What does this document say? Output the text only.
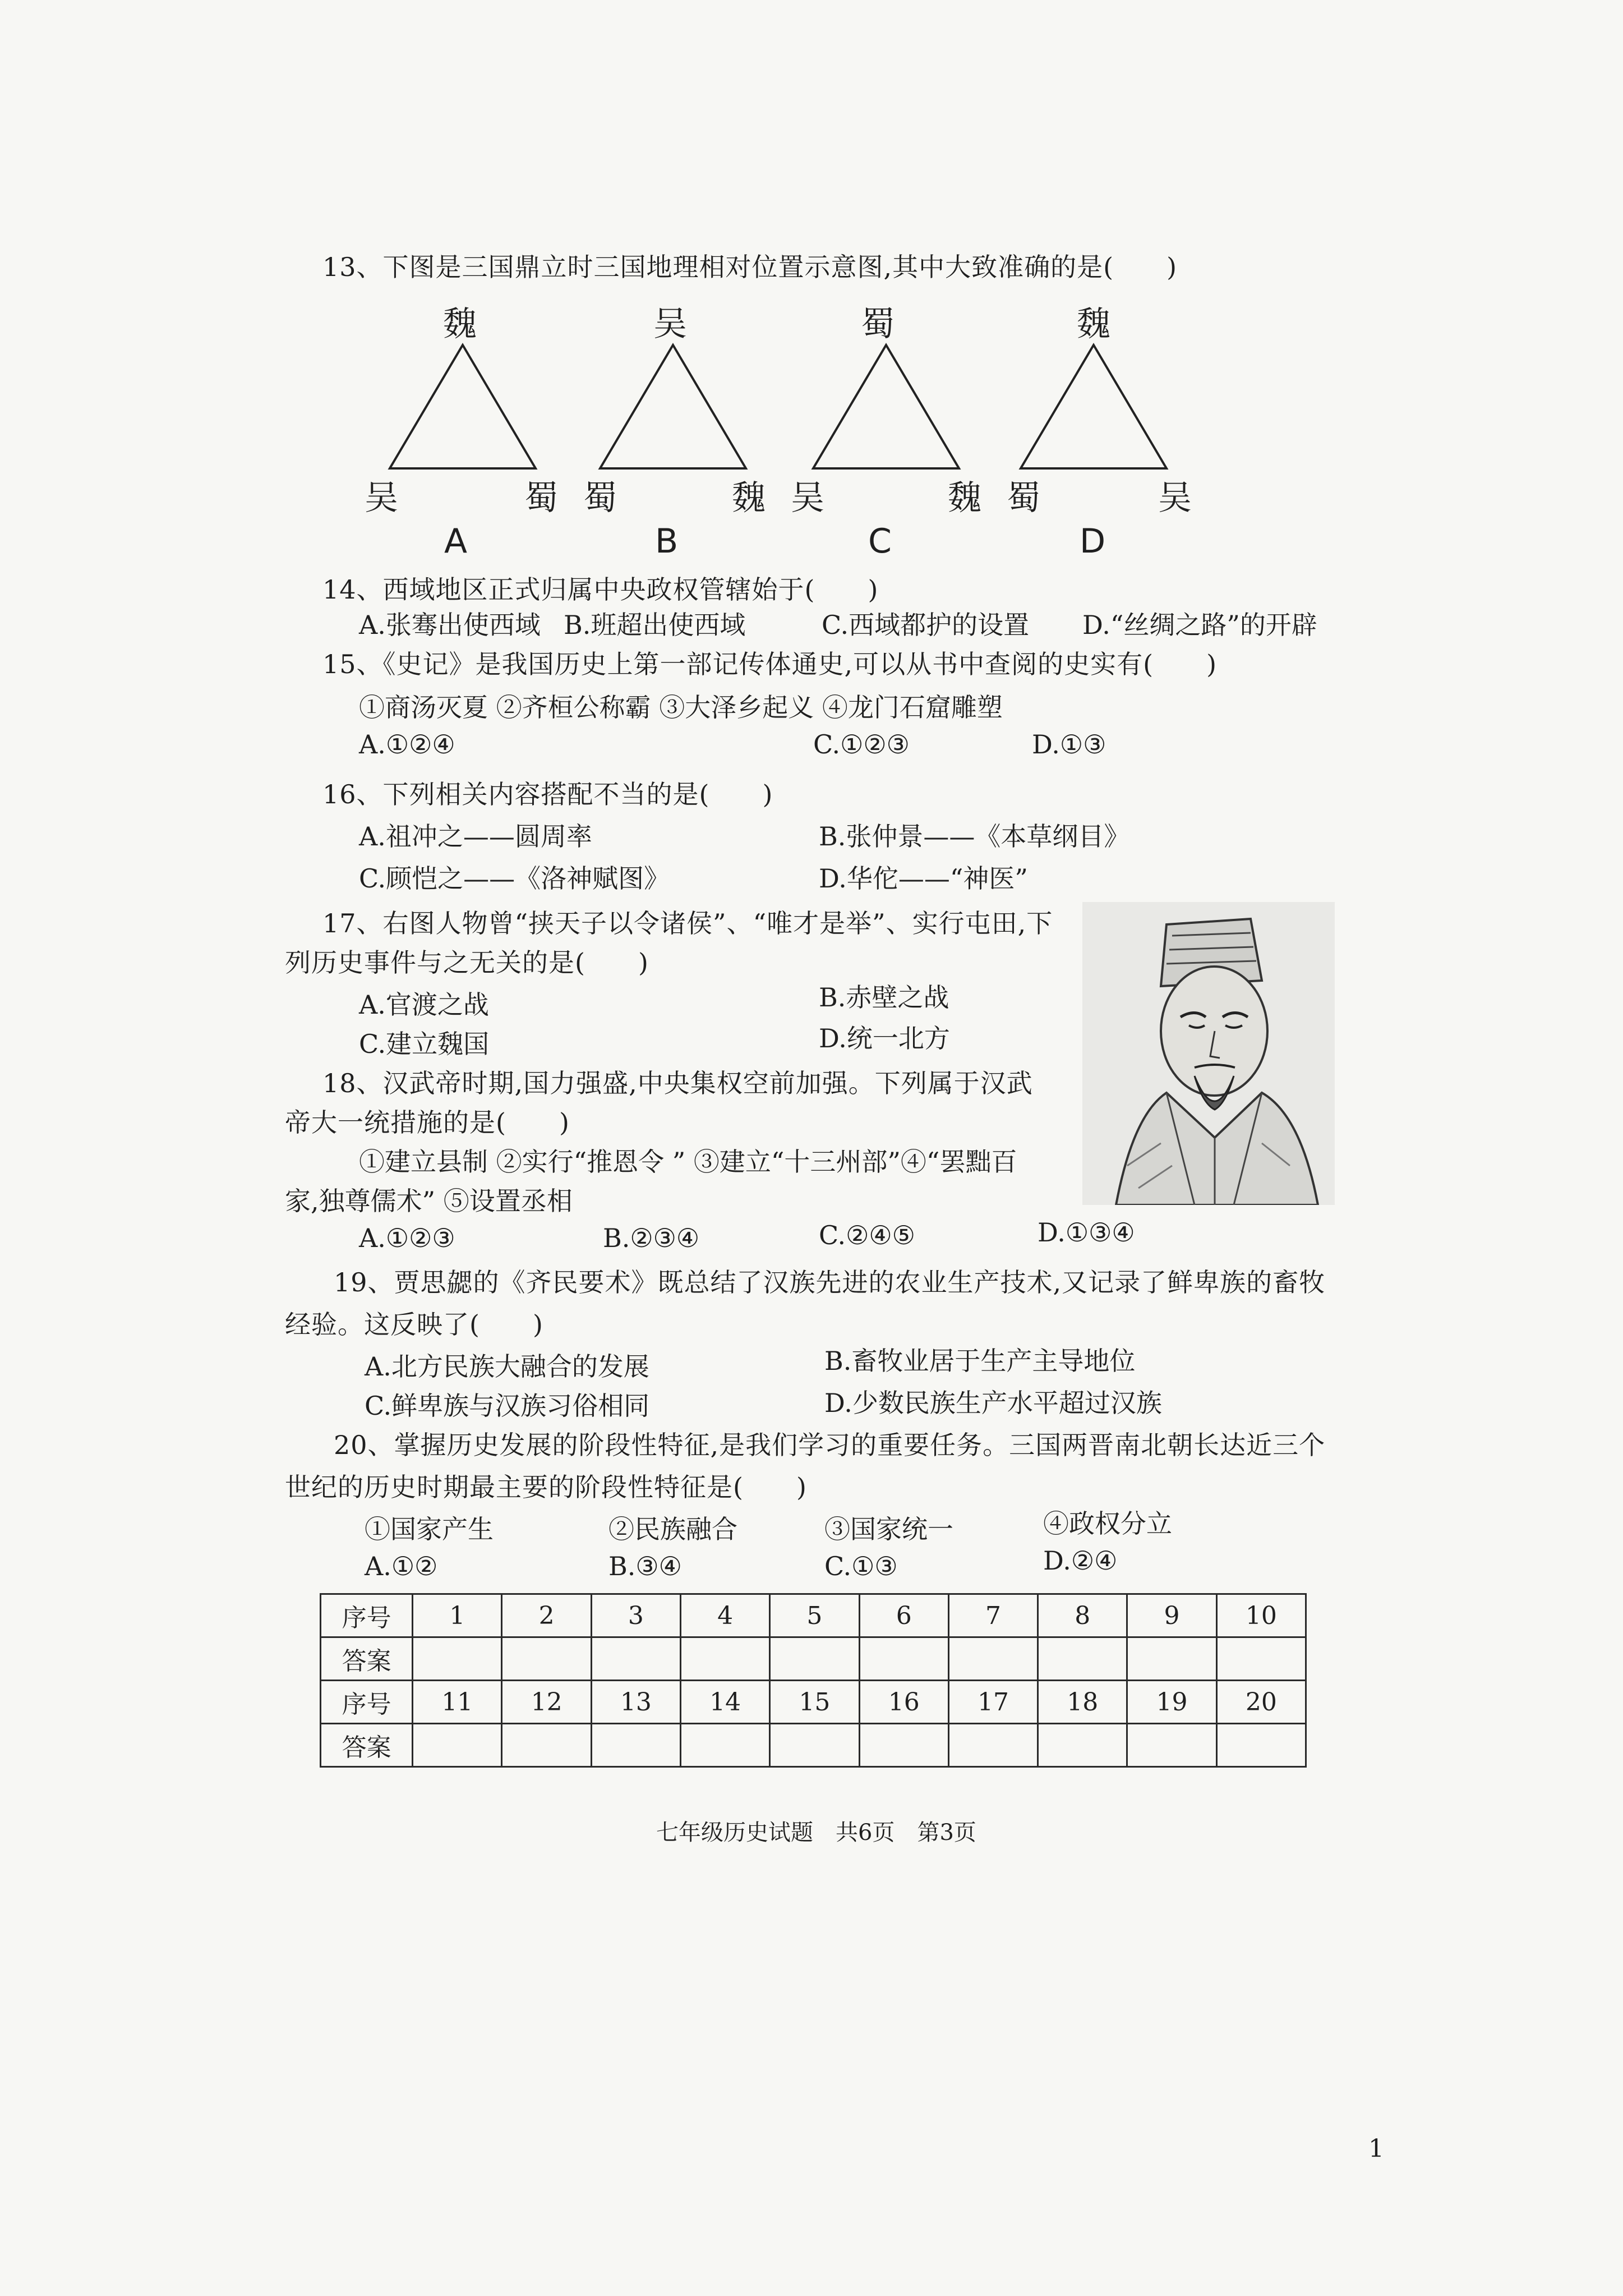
13、下图是三国鼎立时三国地理相对位置示意图,其中大致准确的是(　　)
魏
吴	蜀
A
吴
蜀	魏
B
蜀
吴	魏
C
魏
蜀	吴
D
14、西域地区正式归属中央政权管辖始于(　　)
A.张骞出使西域 B.班超出使西域	C.西域都护的设置 D.“丝绸之路”的开辟
15、《史记》是我国历史上第一部记传体通史,可以从书中查阅的史实有(　　)
①商汤灭夏 ②齐桓公称霸 ③大泽乡起义 ④龙门石窟雕塑
A.①②④	C.①②③	D.①③
16、下列相关内容搭配不当的是(　　)
A.祖冲之——圆周率	B.张仲景——《本草纲目》
C.顾恺之——《洛神赋图》	D.华佗——“神医”
17、右图人物曾“挟天子以令诸侯”、“唯才是举”、实行屯田,下
列历史事件与之无关的是(　　)
A.官渡之战	B.赤壁之战
C.建立魏国	D.统一北方
18、汉武帝时期,国力强盛,中央集权空前加强。下列属于汉武
帝大一统措施的是(　　)
①建立县制 ②实行“推恩令 ” ③建立“十三州部”④“罢黜百
家,独尊儒术” ⑤设置丞相
A.①②③	B.②③④	C.②④⑤	D.①③④
19、贾思勰的《齐民要术》既总结了汉族先进的农业生产技术,又记录了鲜卑族的畜牧
经验。这反映了(　　)
A.北方民族大融合的发展	B.畜牧业居于生产主导地位
C.鲜卑族与汉族习俗相同	D.少数民族生产水平超过汉族
20、掌握历史发展的阶段性特征,是我们学习的重要任务。三国两晋南北朝长达近三个
世纪的历史时期最主要的阶段性特征是(　　)
①国家产生	②民族融合	③国家统一	④政权分立
A.①②	B.③④	C.①③	D.②④
序号	1	2	3	4	5	6	7	8	9	10
答案										
序号	11	12	13	14	15	16	17	18	19	20
答案										
七年级历史试题　共6页　第3页
1
